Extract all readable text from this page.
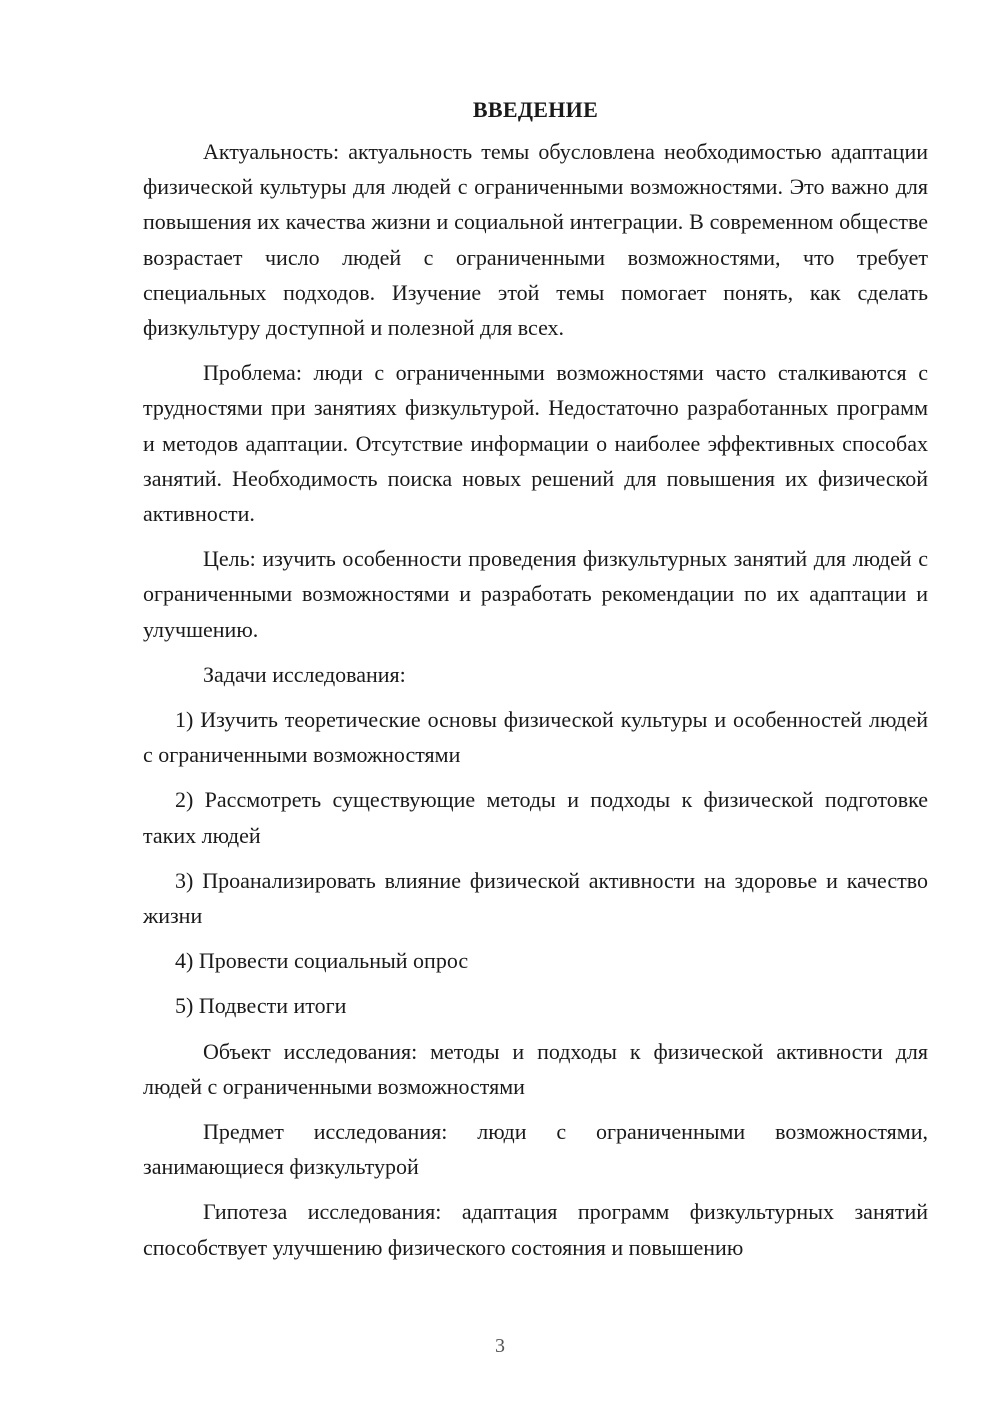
ВВЕДЕНИЕ
Актуальность: актуальность темы обусловлена необходимостью адаптации физической культуры для людей с ограниченными возможностями. Это важно для повышения их качества жизни и социальной интеграции. В современном обществе возрастает число людей с ограниченными возможностями, что требует специальных подходов. Изучение этой темы помогает понять, как сделать физкультуру доступной и полезной для всех.
Проблема: люди с ограниченными возможностями часто сталкиваются с трудностями при занятиях физкультурой. Недостаточно разработанных программ и методов адаптации. Отсутствие информации о наиболее эффективных способах занятий. Необходимость поиска новых решений для повышения их физической активности.
Цель: изучить особенности проведения физкультурных занятий для людей с ограниченными возможностями и разработать рекомендации по их адаптации и улучшению.
Задачи исследования:
1) Изучить теоретические основы физической культуры и особенностей людей с ограниченными возможностями
2) Рассмотреть существующие методы и подходы к физической подготовке таких людей
3) Проанализировать влияние физической активности на здоровье и качество жизни
4) Провести социальный опрос
5) Подвести итоги
Объект исследования: методы и подходы к физической активности для людей с ограниченными возможностями
Предмет исследования: люди с ограниченными возможностями, занимающиеся физкультурой
Гипотеза исследования: адаптация программ физкультурных занятий способствует улучшению физического состояния и повышению
3
